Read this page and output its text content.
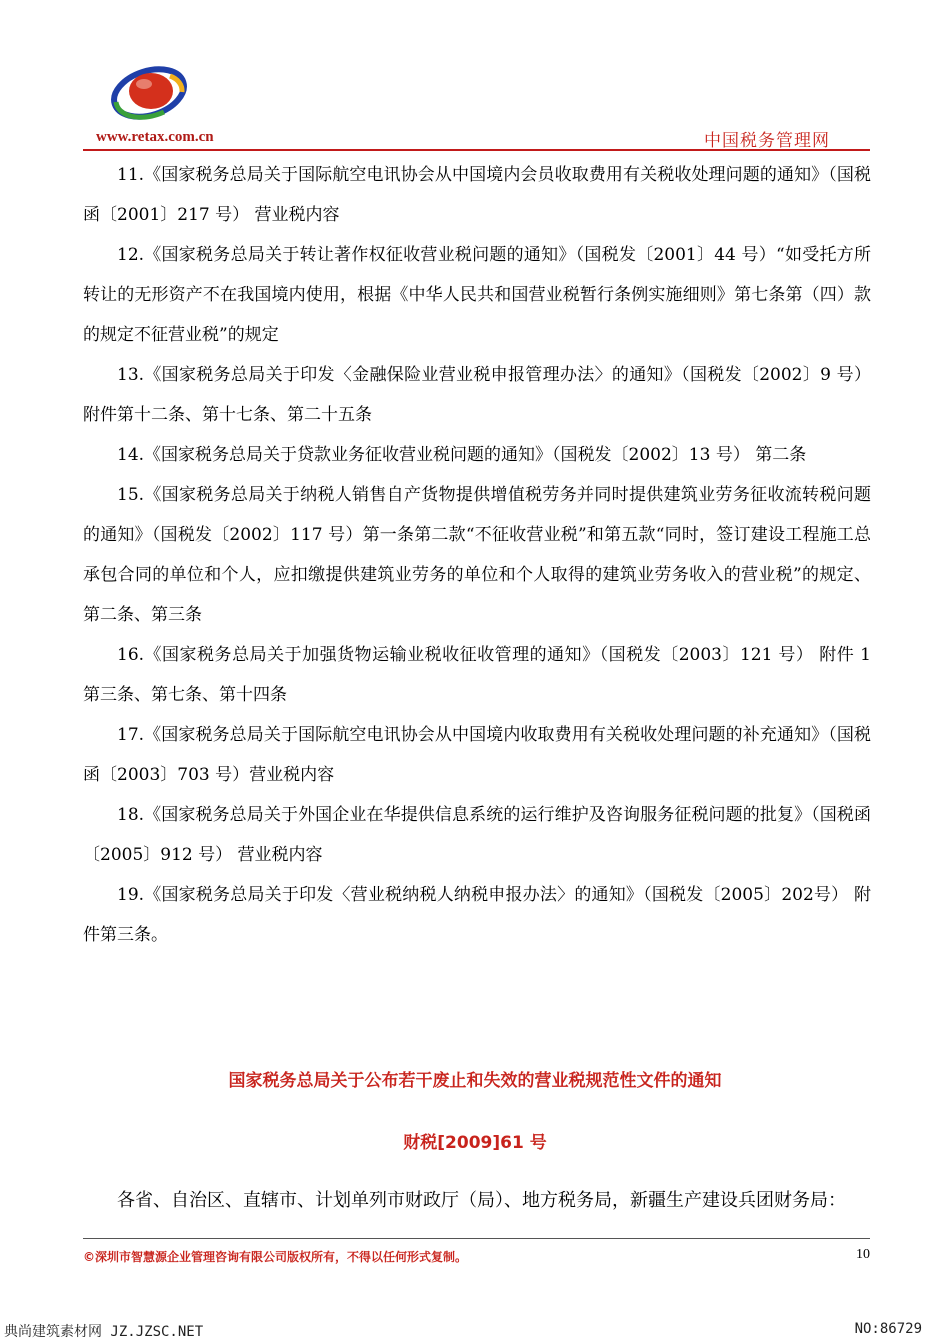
www.retax.com.cn	中国税务管理网

11.《国家税务总局关于国际航空电讯协会从中国境内会员收取费用有关税收处理问题的通知》（国税函〔2001〕217 号） 营业税内容

12.《国家税务总局关于转让著作权征收营业税问题的通知》（国税发〔2001〕44 号）“如受托方所转让的无形资产不在我国境内使用，根据《中华人民共和国营业税暂行条例实施细则》第七条第（四）款的规定不征营业税”的规定

13.《国家税务总局关于印发〈金融保险业营业税申报管理办法〉的通知》（国税发〔2002〕9 号） 附件第十二条、第十七条、第二十五条

14.《国家税务总局关于贷款业务征收营业税问题的通知》（国税发〔2002〕13 号） 第二条

15.《国家税务总局关于纳税人销售自产货物提供增值税劳务并同时提供建筑业劳务征收流转税问题的通知》（国税发〔2002〕117 号）第一条第二款“不征收营业税”和第五款“同时，签订建设工程施工总承包合同的单位和个人，应扣缴提供建筑业劳务的单位和个人取得的建筑业劳务收入的营业税”的规定、第二条、第三条

16.《国家税务总局关于加强货物运输业税收征收管理的通知》（国税发〔2003〕121 号） 附件 1 第三条、第七条、第十四条

17.《国家税务总局关于国际航空电讯协会从中国境内收取费用有关税收处理问题的补充通知》（国税函〔2003〕703 号）营业税内容

18.《国家税务总局关于外国企业在华提供信息系统的运行维护及咨询服务征税问题的批复》（国税函〔2005〕912 号） 营业税内容

19.《国家税务总局关于印发〈营业税纳税人纳税申报办法〉的通知》（国税发〔2005〕202号） 附件第三条。

国家税务总局关于公布若干废止和失效的营业税规范性文件的通知
财税[2009]61 号
各省、自治区、直辖市、计划单列市财政厅（局）、地方税务局，新疆生产建设兵团财务局：
©深圳市智慧源企业管理咨询有限公司版权所有，不得以任何形式复制。	10
典尚建筑素材网 JZ.JZSC.NET	NO:86729
